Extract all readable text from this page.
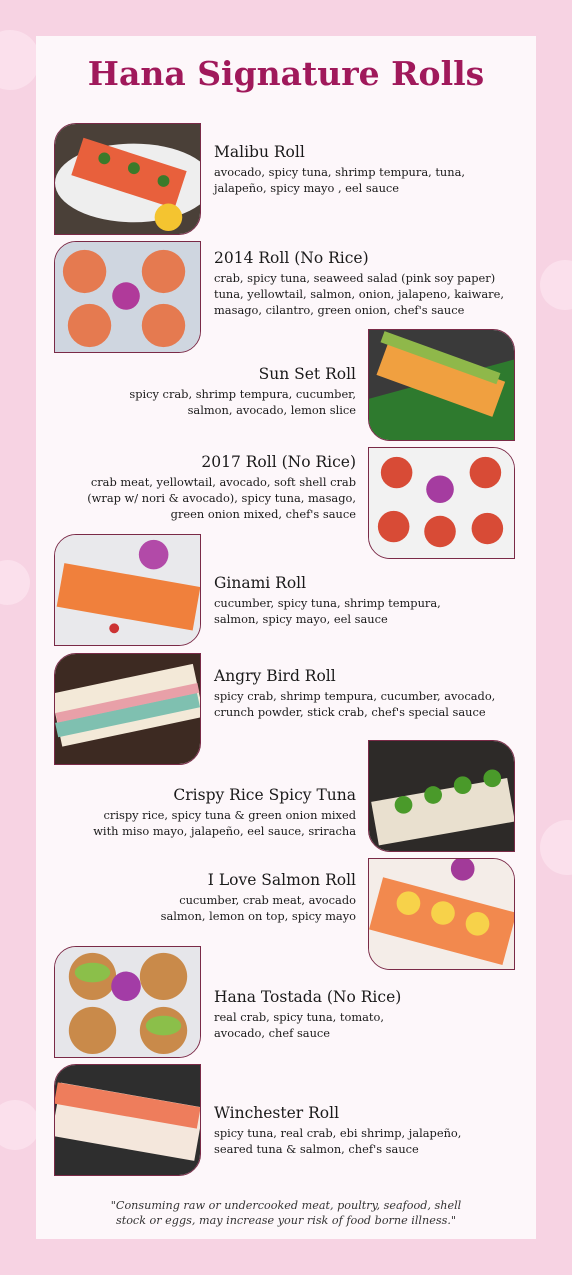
Hana Signature Rolls
Malibu Roll
avocado, spicy tuna, shrimp tempura, tuna,
jalapeño, spicy mayo , eel sauce
2014 Roll (No Rice)
crab, spicy tuna, seaweed salad (pink soy paper)
tuna, yellowtail, salmon, onion, jalapeno, kaiware,
masago, cilantro, green onion, chef's sauce
Sun Set Roll
spicy crab, shrimp tempura, cucumber,
salmon, avocado, lemon slice
2017 Roll (No Rice)
crab meat, yellowtail, avocado, soft shell crab
(wrap w/ nori & avocado), spicy tuna, masago,
green onion mixed, chef's sauce
Ginami Roll
cucumber, spicy tuna, shrimp tempura,
salmon, spicy mayo, eel sauce
Angry Bird Roll
spicy crab, shrimp tempura, cucumber, avocado,
crunch powder, stick crab, chef's special sauce
Crispy Rice Spicy Tuna
crispy rice, spicy tuna & green onion mixed
with miso mayo, jalapeño, eel sauce, sriracha
I Love Salmon Roll
cucumber, crab meat, avocado
salmon, lemon on top, spicy mayo
Hana Tostada (No Rice)
real crab, spicy tuna, tomato,
avocado, chef sauce
Winchester Roll
spicy tuna, real crab, ebi shrimp, jalapeño,
seared tuna & salmon, chef's sauce
"Consuming raw or undercooked meat, poultry, seafood, shell
stock or eggs, may increase your risk of food borne illness."
